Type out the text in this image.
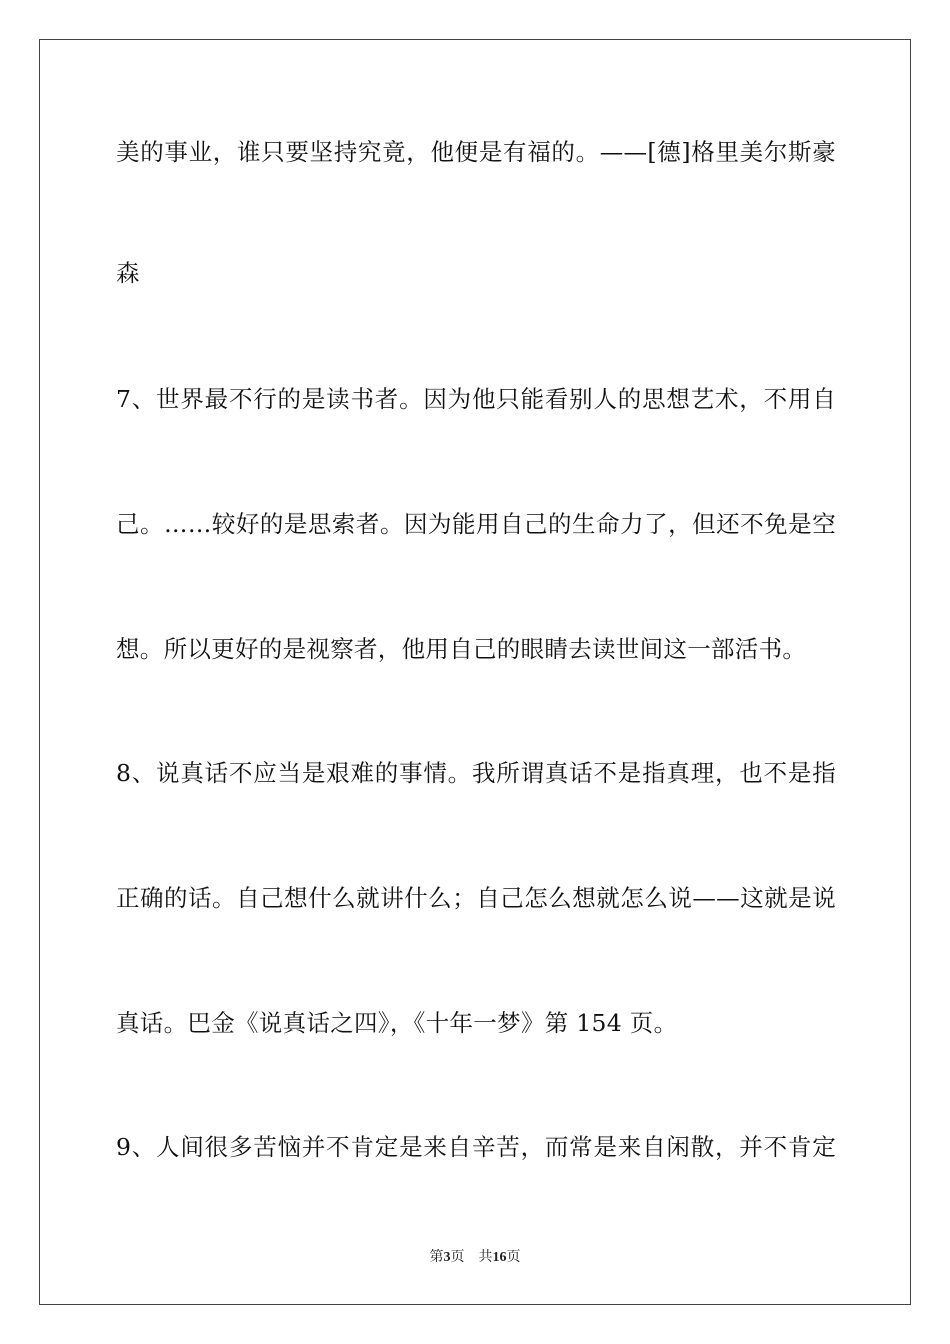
美的事业，谁只要坚持究竟，他便是有福的。——[德]格里美尔斯豪
森
7、世界最不行的是读书者。因为他只能看别人的思想艺术，不用自
己。……较好的是思索者。因为能用自己的生命力了，但还不免是空
想。所以更好的是视察者，他用自己的眼睛去读世间这一部活书。
8、说真话不应当是艰难的事情。我所谓真话不是指真理，也不是指
正确的话。自己想什么就讲什么；自己怎么想就怎么说——这就是说
真话。巴金《说真话之四》，《十年一梦》第 154 页。
9、人间很多苦恼并不肯定是来自辛苦，而常是来自闲散，并不肯定
第3页 共16页
